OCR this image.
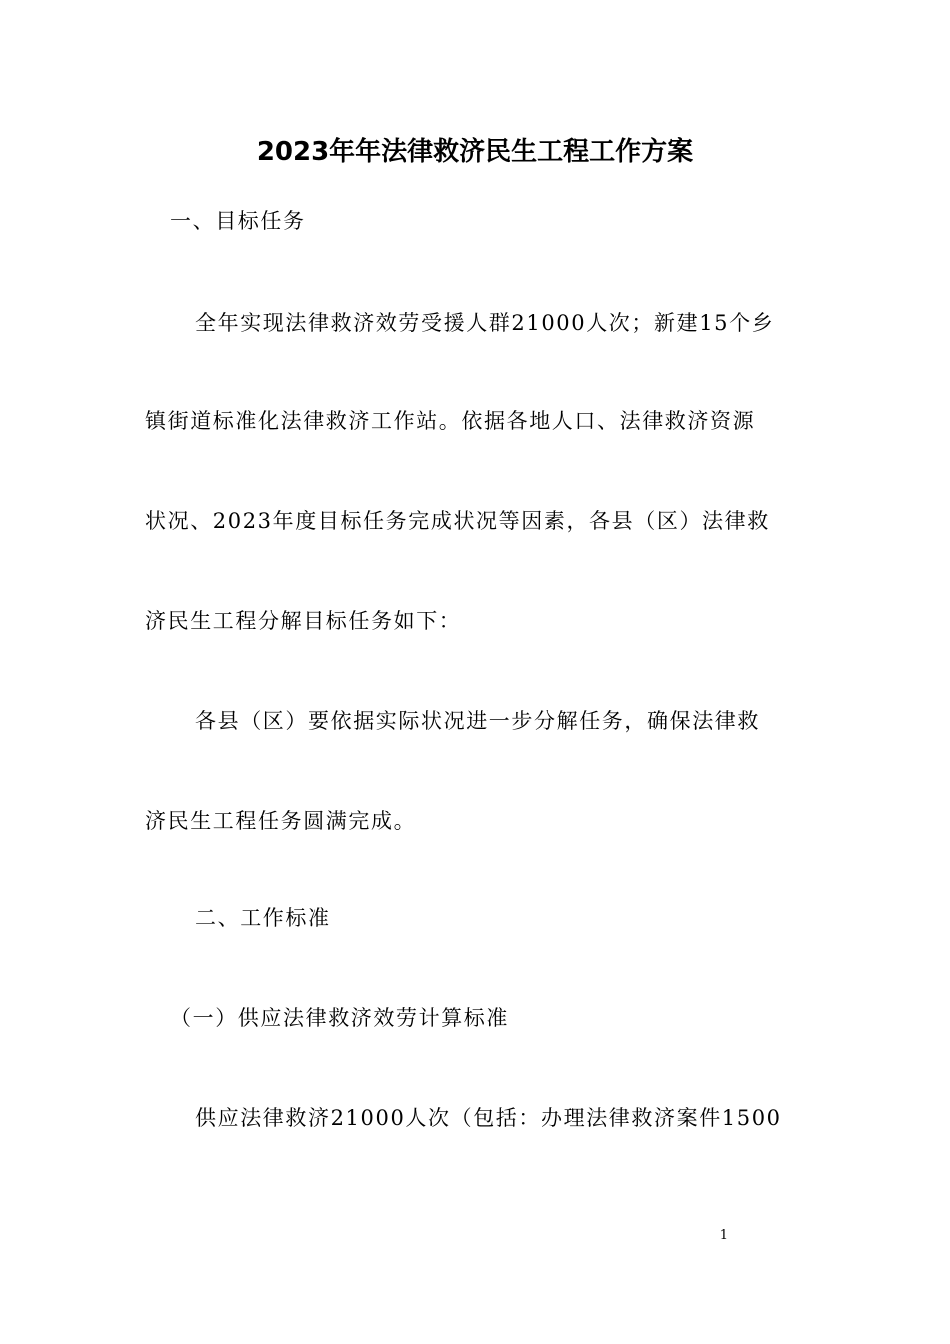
2023年年法律救济民生工程工作方案
一、目标任务
全年实现法律救济效劳受援人群21000人次；新建15个乡
镇街道标准化法律救济工作站。依据各地人口、法律救济资源
状况、2023年度目标任务完成状况等因素，各县（区）法律救
济民生工程分解目标任务如下：
各县（区）要依据实际状况进一步分解任务，确保法律救
济民生工程任务圆满完成。
二、工作标准
（一）供应法律救济效劳计算标准
供应法律救济21000人次（包括：办理法律救济案件1500
1
